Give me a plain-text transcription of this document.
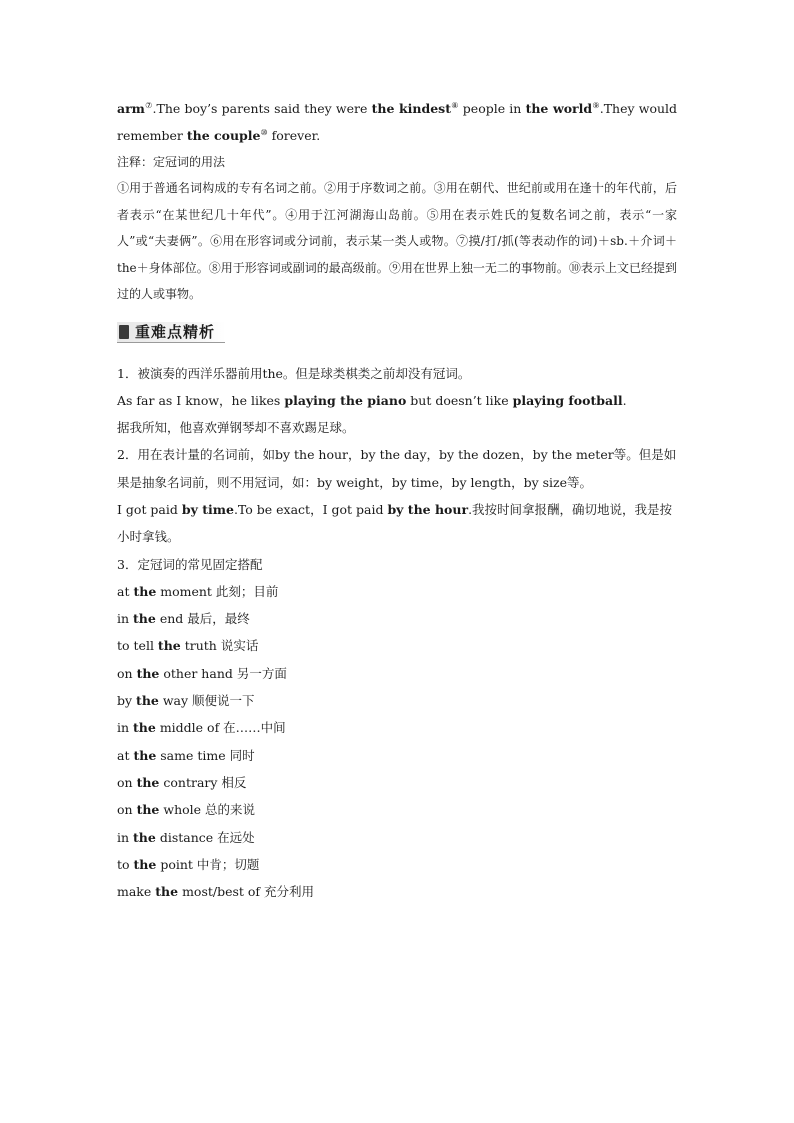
arm⑦.The boy’s parents said they were the kindest⑧ people in the world⑨.They would

remember the couple⑩ forever.

注释：定冠词的用法

①用于普通名词构成的专有名词之前。②用于序数词之前。③用在朝代、世纪前或用在逢十的年代前，后者表示“在某世纪几十年代”。④用于江河湖海山岛前。⑤用在表示姓氏的复数名词之前，表示“一家人”或“夫妻俩”。⑥用在形容词或分词前，表示某一类人或物。⑦摸/打/抓(等表动作的词)＋sb.＋介词＋the＋身体部位。⑧用于形容词或副词的最高级前。⑨用在世界上独一无二的事物前。⑩表示上文已经提到过的人或事物。

重难点精析

1．被演奏的西洋乐器前用the。但是球类棋类之前却没有冠词。

As far as I know，he likes playing the piano but doesn’t like playing football.

据我所知，他喜欢弹钢琴却不喜欢踢足球。

2．用在表计量的名词前，如by the hour，by the day，by the dozen，by the meter等。但是如果是抽象名词前，则不用冠词，如：by weight，by time，by length，by size等。

I got paid by time.To be exact，I got paid by the hour.我按时间拿报酬，确切地说，我是按小时拿钱。

3．定冠词的常见固定搭配

at the moment 此刻；目前

in the end 最后，最终

to tell the truth 说实话

on the other hand 另一方面

by the way 顺便说一下

in the middle of 在……中间

at the same time 同时

on the contrary 相反

on the whole 总的来说

in the distance 在远处

to the point 中肯；切题

make the most/best of 充分利用
